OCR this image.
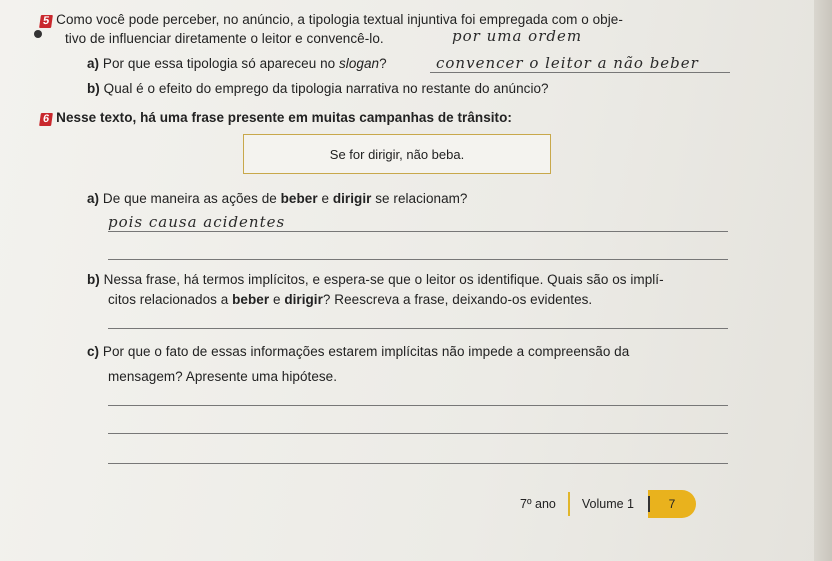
5 Como você pode perceber, no anúncio, a tipologia textual injuntiva foi empregada com o obje-
tivo de influenciar diretamente o leitor e convencê-lo.	por uma ordem
a) Por que essa tipologia só apareceu no slogan?	convencer o leitor a não beber
b) Qual é o efeito do emprego da tipologia narrativa no restante do anúncio?
6 Nesse texto, há uma frase presente em muitas campanhas de trânsito:
Se for dirigir, não beba.
a) De que maneira as ações de beber e dirigir se relacionam?
pois causa acidentes
b) Nessa frase, há termos implícitos, e espera-se que o leitor os identifique. Quais são os implí-
citos relacionados a beber e dirigir? Reescreva a frase, deixando-os evidentes.
c) Por que o fato de essas informações estarem implícitas não impede a compreensão da
mensagem? Apresente uma hipótese.
7º ano Volume 1	7
